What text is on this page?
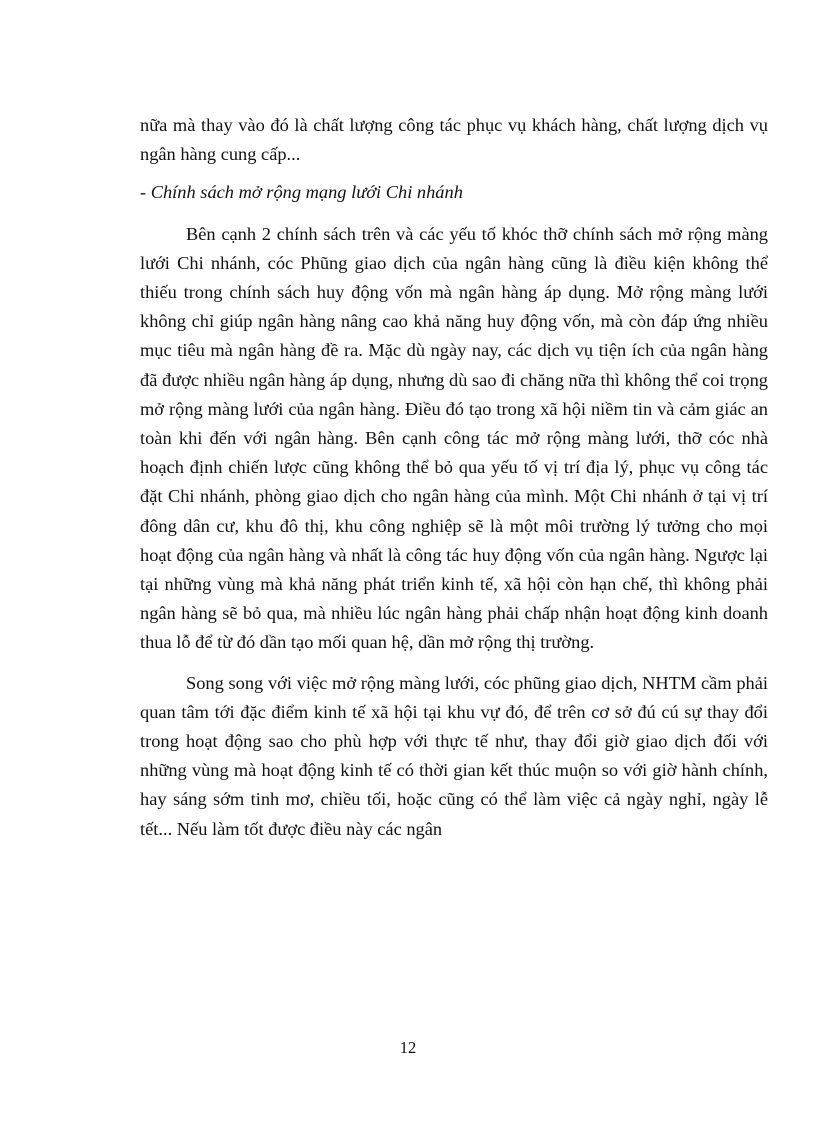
nữa mà thay vào đó là chất lượng công tác phục vụ khách hàng, chất lượng dịch vụ ngân hàng cung cấp...

- Chính sách mở rộng mạng lưới Chi nhánh

Bên cạnh 2 chính sách trên và các yếu tố khóc thỡ chính sách mở rộng màng lưới Chi nhánh, cóc Phũng giao dịch của ngân hàng cũng là điều kiện không thể thiếu trong chính sách huy động vốn mà ngân hàng áp dụng. Mở rộng màng lưới không chỉ giúp ngân hàng nâng cao khả năng huy động vốn, mà còn đáp ứng nhiều mục tiêu mà ngân hàng đề ra. Mặc dù ngày nay, các dịch vụ tiện ích của ngân hàng đã được nhiều ngân hàng áp dụng, nhưng dù sao đi chăng nữa thì không thể coi trọng mở rộng màng lưới của ngân hàng. Điều đó tạo trong xã hội niềm tin và cảm giác an toàn khi đến với ngân hàng. Bên cạnh công tác mở rộng màng lưới, thỡ cóc nhà hoạch định chiến lược cũng không thể bỏ qua yếu tố vị trí địa lý, phục vụ công tác đặt Chi nhánh, phòng giao dịch cho ngân hàng của mình. Một Chi nhánh ở tại vị trí đông dân cư, khu đô thị, khu công nghiệp sẽ là một môi trường lý tưởng cho mọi hoạt động của ngân hàng và nhất là công tác huy động vốn của ngân hàng. Ngược lại tại những vùng mà khả năng phát triển kinh tế, xã hội còn hạn chế, thì không phải ngân hàng sẽ bỏ qua, mà nhiều lúc ngân hàng phải chấp nhận hoạt động kinh doanh thua lỗ để từ đó dần tạo mối quan hệ, dần mở rộng thị trường.

Song song với việc mở rộng màng lưới, cóc phũng giao dịch, NHTM cầm phải quan tâm tới đặc điểm kinh tế xã hội tại khu vự đó, để trên cơ sở đú cú sự thay đổi trong hoạt động sao cho phù hợp với thực tế như, thay đổi giờ giao dịch đối với những vùng mà hoạt động kinh tế có thời gian kết thúc muộn so với giờ hành chính, hay sáng sớm tinh mơ, chiều tối, hoặc cũng có thể làm việc cả ngày nghỉ, ngày lễ tết... Nếu làm tốt được điều này các ngân

12
